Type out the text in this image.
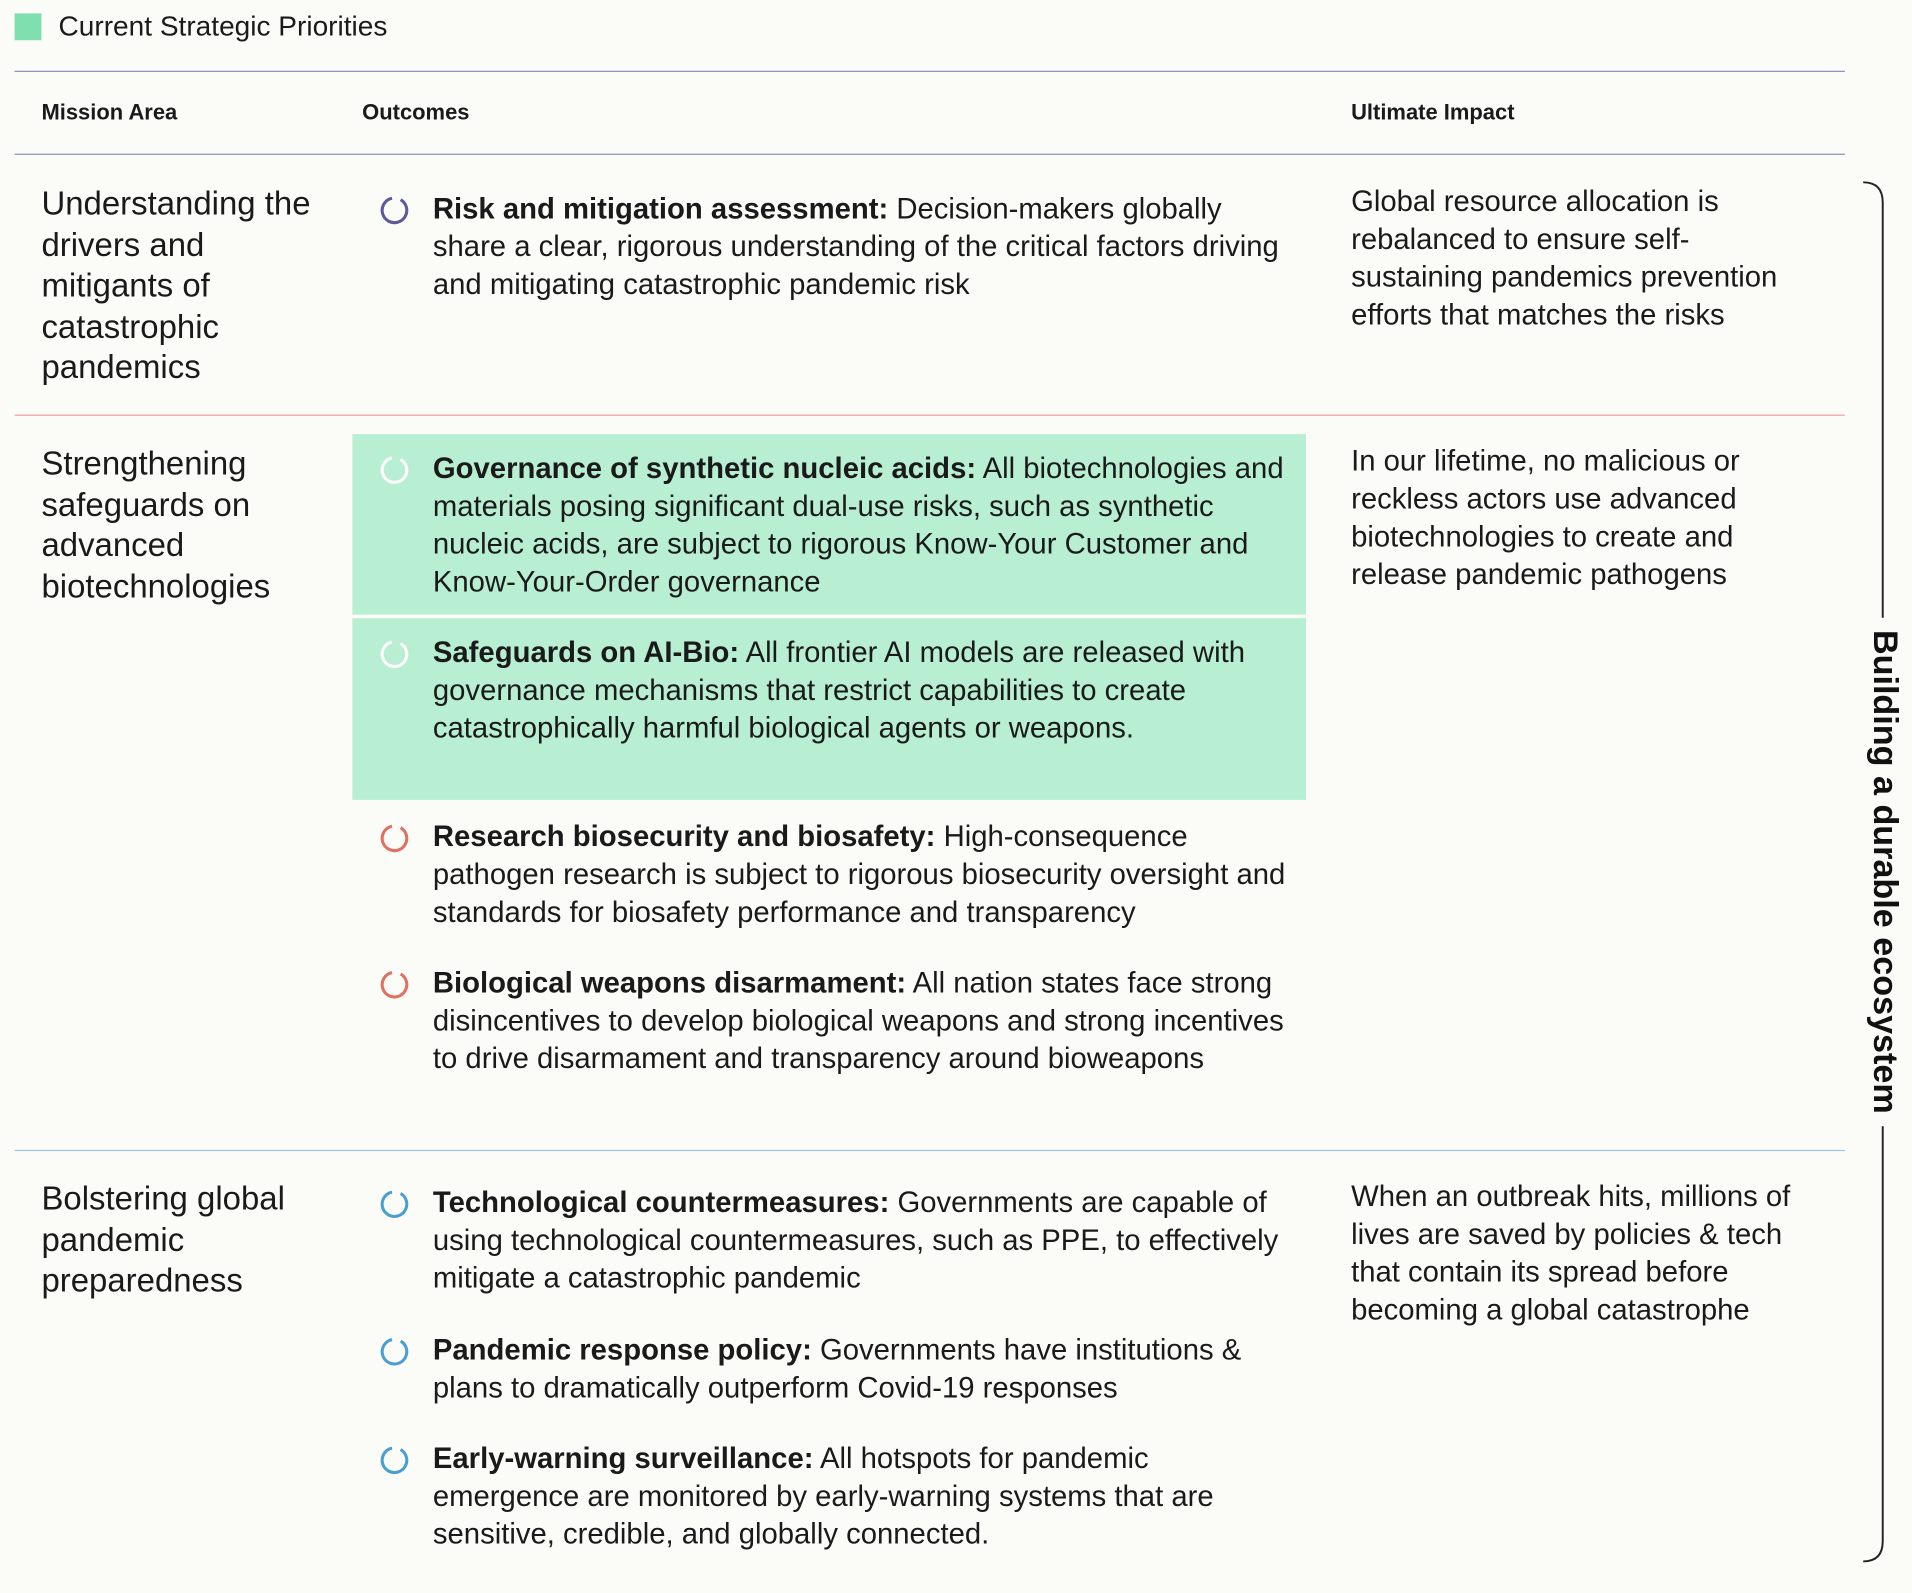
Current Strategic Priorities
Mission Area	Outcomes	Ultimate Impact
Understanding the drivers and mitigants of catastrophic pandemics
Risk and mitigation assessment: Decision-makers globally share a clear, rigorous understanding of the critical factors driving and mitigating catastrophic pandemic risk
Global resource allocation is rebalanced to ensure self-sustaining pandemics prevention efforts that matches the risks
Strengthening safeguards on advanced biotechnologies
Governance of synthetic nucleic acids: All biotechnologies and materials posing significant dual-use risks, such as synthetic nucleic acids, are subject to rigorous Know-Your Customer and Know-Your-Order governance
Safeguards on AI-Bio: All frontier AI models are released with governance mechanisms that restrict capabilities to create catastrophically harmful biological agents or weapons.
Research biosecurity and biosafety: High-consequence pathogen research is subject to rigorous biosecurity oversight and standards for biosafety performance and transparency
Biological weapons disarmament: All nation states face strong disincentives to develop biological weapons and strong incentives to drive disarmament and transparency around bioweapons
In our lifetime, no malicious or reckless actors use advanced biotechnologies to create and release pandemic pathogens
Bolstering global pandemic preparedness
Technological countermeasures: Governments are capable of using technological countermeasures, such as PPE, to effectively mitigate a catastrophic pandemic
Pandemic response policy: Governments have institutions & plans to dramatically outperform Covid-19 responses
Early-warning surveillance: All hotspots for pandemic emergence are monitored by early-warning systems that are sensitive, credible, and globally connected.
When an outbreak hits, millions of lives are saved by policies & tech that contain its spread before becoming a global catastrophe
Building a durable ecosystem
